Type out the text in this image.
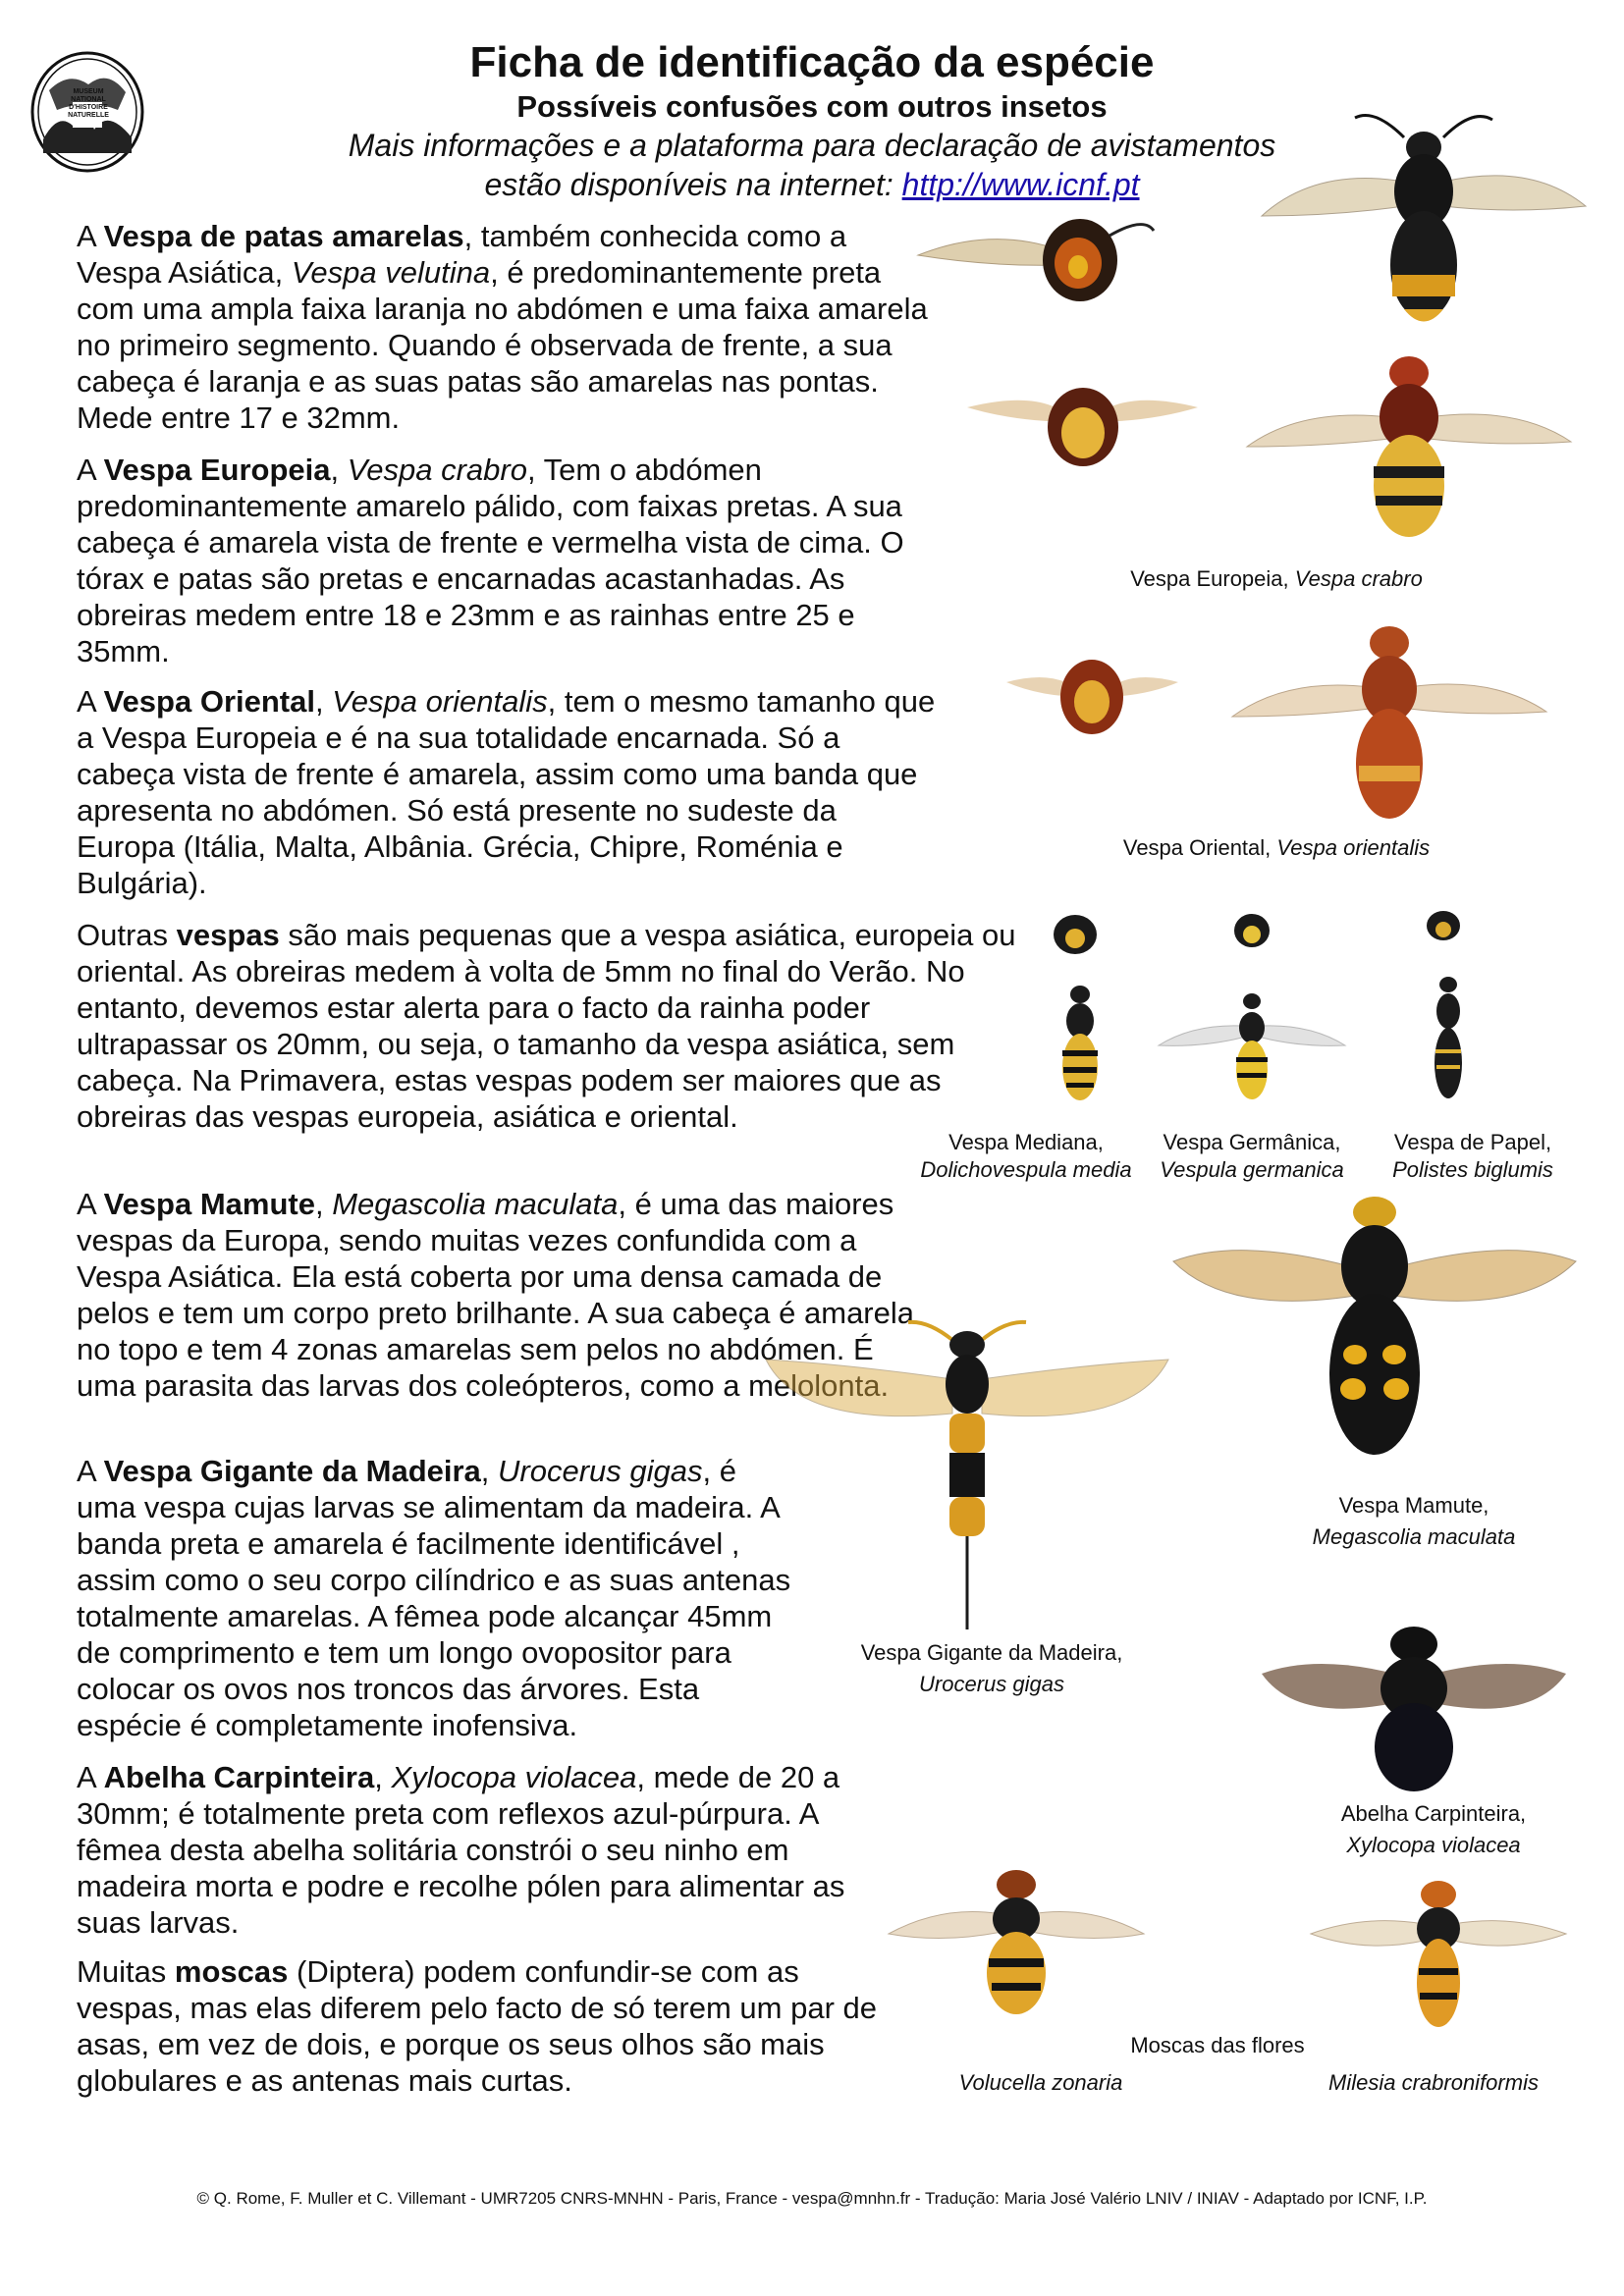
MUSEUM NATIONAL D'HISTOIRE NATURELLE
Ficha de identificação da espécie
Possíveis confusões com outros insetos
Mais informações e a plataforma para declaração de avistamentos
estão disponíveis na internet: http://www.icnf.pt
A Vespa de patas amarelas, também conhecida como a Vespa Asiática, Vespa velutina, é predominantemente preta com uma ampla faixa laranja no abdómen e uma faixa amarela no primeiro segmento. Quando é observada de frente, a sua cabeça é laranja e as suas patas são amarelas nas pontas. Mede entre 17 e 32mm.
A Vespa Europeia, Vespa crabro, Tem o abdómen predominantemente amarelo pálido, com faixas pretas. A sua cabeça é amarela vista de frente e vermelha vista de cima. O tórax e patas são pretas e encarnadas acastanhadas. As obreiras medem entre 18 e 23mm e as rainhas entre 25 e 35mm.
A Vespa Oriental, Vespa orientalis, tem o mesmo tamanho que a Vespa Europeia e é na sua totalidade encarnada. Só a cabeça vista de frente é amarela, assim como uma banda que apresenta no abdómen. Só está presente no sudeste da Europa (Itália, Malta, Albânia. Grécia, Chipre, Roménia e Bulgária).
Outras vespas são mais pequenas que a vespa asiática, europeia ou oriental. As obreiras medem à volta de 5mm no final do Verão. No entanto, devemos estar alerta para o facto da rainha poder ultrapassar os 20mm, ou seja, o tamanho da vespa asiática, sem cabeça. Na Primavera, estas vespas podem ser maiores que as obreiras das vespas europeia, asiática e oriental.
A Vespa Mamute, Megascolia maculata, é uma das maiores vespas da Europa, sendo muitas vezes confundida com a Vespa Asiática. Ela está coberta por uma densa camada de pelos e tem um corpo preto brilhante. A sua cabeça é amarela no topo e tem 4 zonas amarelas sem pelos no abdómen. É uma parasita das larvas dos coleópteros, como a melolonta.
A Vespa Gigante da Madeira, Urocerus gigas, é uma vespa cujas larvas se alimentam da madeira. A banda preta e amarela é facilmente identificável , assim como o seu corpo cilíndrico e as suas antenas totalmente amarelas. A fêmea pode alcançar 45mm de comprimento e tem um longo ovopositor para colocar os ovos nos troncos das árvores. Esta espécie é completamente inofensiva.
A Abelha Carpinteira, Xylocopa violacea, mede de 20 a 30mm; é totalmente preta com reflexos azul-púrpura. A fêmea desta abelha solitária constrói o seu ninho em madeira morta e podre e recolhe pólen para alimentar as suas larvas.
Muitas moscas (Diptera) podem confundir-se com as vespas, mas elas diferem pelo facto de só terem um par de asas, em vez de dois, e porque os seus olhos são mais globulares e as antenas mais curtas.
Vespa Europeia, Vespa crabro
Vespa Oriental, Vespa orientalis
Vespa Mediana,
Dolichovespula media
Vespa Germânica,
Vespula germanica
Vespa de Papel,
Polistes biglumis
Vespa Mamute,
Megascolia maculata
Vespa Gigante da Madeira,
Urocerus gigas
Abelha Carpinteira,
Xylocopa violacea
Moscas das flores
Volucella zonaria	Milesia crabroniformis
© Q. Rome, F. Muller et C. Villemant - UMR7205 CNRS-MNHN - Paris, France - vespa@mnhn.fr - Tradução: Maria José Valério LNIV / INIAV - Adaptado por ICNF, I.P.
